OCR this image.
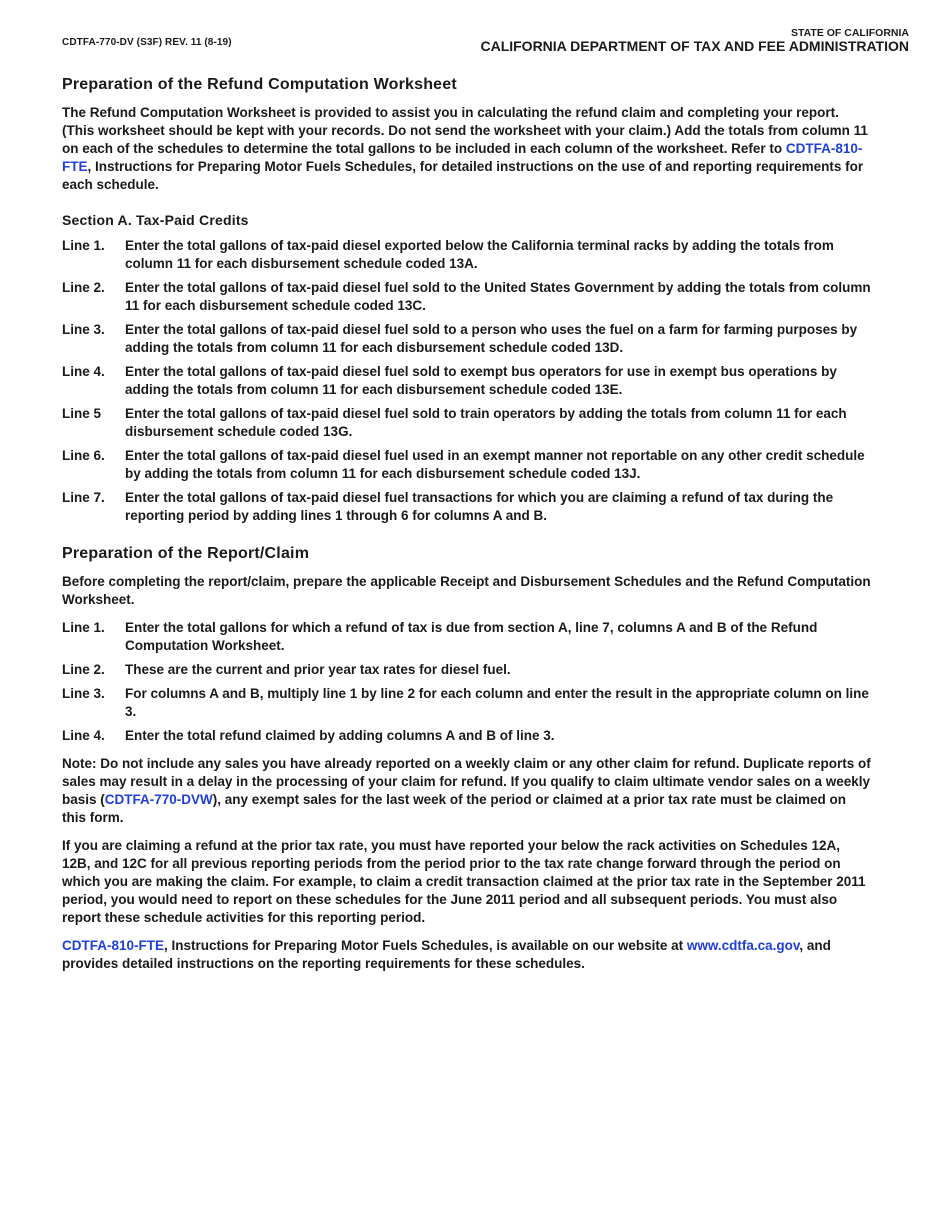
CDTFA-770-DV (S3F) REV. 11 (8-19)
STATE OF CALIFORNIA
CALIFORNIA DEPARTMENT OF TAX AND FEE ADMINISTRATION
Preparation of the Refund Computation Worksheet

The Refund Computation Worksheet is provided to assist you in calculating the refund claim and completing your report. (This worksheet should be kept with your records. Do not send the worksheet with your claim.) Add the totals from column 11 on each of the schedules to determine the total gallons to be included in each column of the worksheet. Refer to CDTFA-810-FTE, Instructions for Preparing Motor Fuels Schedules, for detailed instructions on the use of and reporting requirements for each schedule.

Section A. Tax-Paid Credits
Line 1.	Enter the total gallons of tax-paid diesel exported below the California terminal racks by adding the totals from column 11 for each disbursement schedule coded 13A.
Line 2.	Enter the total gallons of tax-paid diesel fuel sold to the United States Government by adding the totals from column 11 for each disbursement schedule coded 13C.
Line 3.	Enter the total gallons of tax-paid diesel fuel sold to a person who uses the fuel on a farm for farming purposes by adding the totals from column 11 for each disbursement schedule coded 13D.
Line 4.	Enter the total gallons of tax-paid diesel fuel sold to exempt bus operators for use in exempt bus operations by adding the totals from column 11 for each disbursement schedule coded 13E.
Line 5	Enter the total gallons of tax-paid diesel fuel sold to train operators by adding the totals from column 11 for each disbursement schedule coded 13G.
Line 6.	Enter the total gallons of tax-paid diesel fuel used in an exempt manner not reportable on any other credit schedule by adding the totals from column 11 for each disbursement schedule coded 13J.
Line 7.	Enter the total gallons of tax-paid diesel fuel transactions for which you are claiming a refund of tax during the reporting period by adding lines 1 through 6 for columns A and B.
Preparation of the Report/Claim

Before completing the report/claim, prepare the applicable Receipt and Disbursement Schedules and the Refund Computation Worksheet.

Line 1.	Enter the total gallons for which a refund of tax is due from section A, line 7, columns A and B of the Refund Computation Worksheet.
Line 2.	These are the current and prior year tax rates for diesel fuel.
Line 3.	For columns A and B, multiply line 1 by line 2 for each column and enter the result in the appropriate column on line 3.
Line 4.	Enter the total refund claimed by adding columns A and B of line 3.

Note: Do not include any sales you have already reported on a weekly claim or any other claim for refund. Duplicate reports of sales may result in a delay in the processing of your claim for refund. If you qualify to claim ultimate vendor sales on a weekly basis (CDTFA-770-DVW), any exempt sales for the last week of the period or claimed at a prior tax rate must be claimed on this form.

If you are claiming a refund at the prior tax rate, you must have reported your below the rack activities on Schedules 12A, 12B, and 12C for all previous reporting periods from the period prior to the tax rate change forward through the period on which you are making the claim. For example, to claim a credit transaction claimed at the prior tax rate in the September 2011 period, you would need to report on these schedules for the June 2011 period and all subsequent periods. You must also report these schedule activities for this reporting period.

CDTFA-810-FTE, Instructions for Preparing Motor Fuels Schedules, is available on our website at www.cdtfa.ca.gov, and provides detailed instructions on the reporting requirements for these schedules.
